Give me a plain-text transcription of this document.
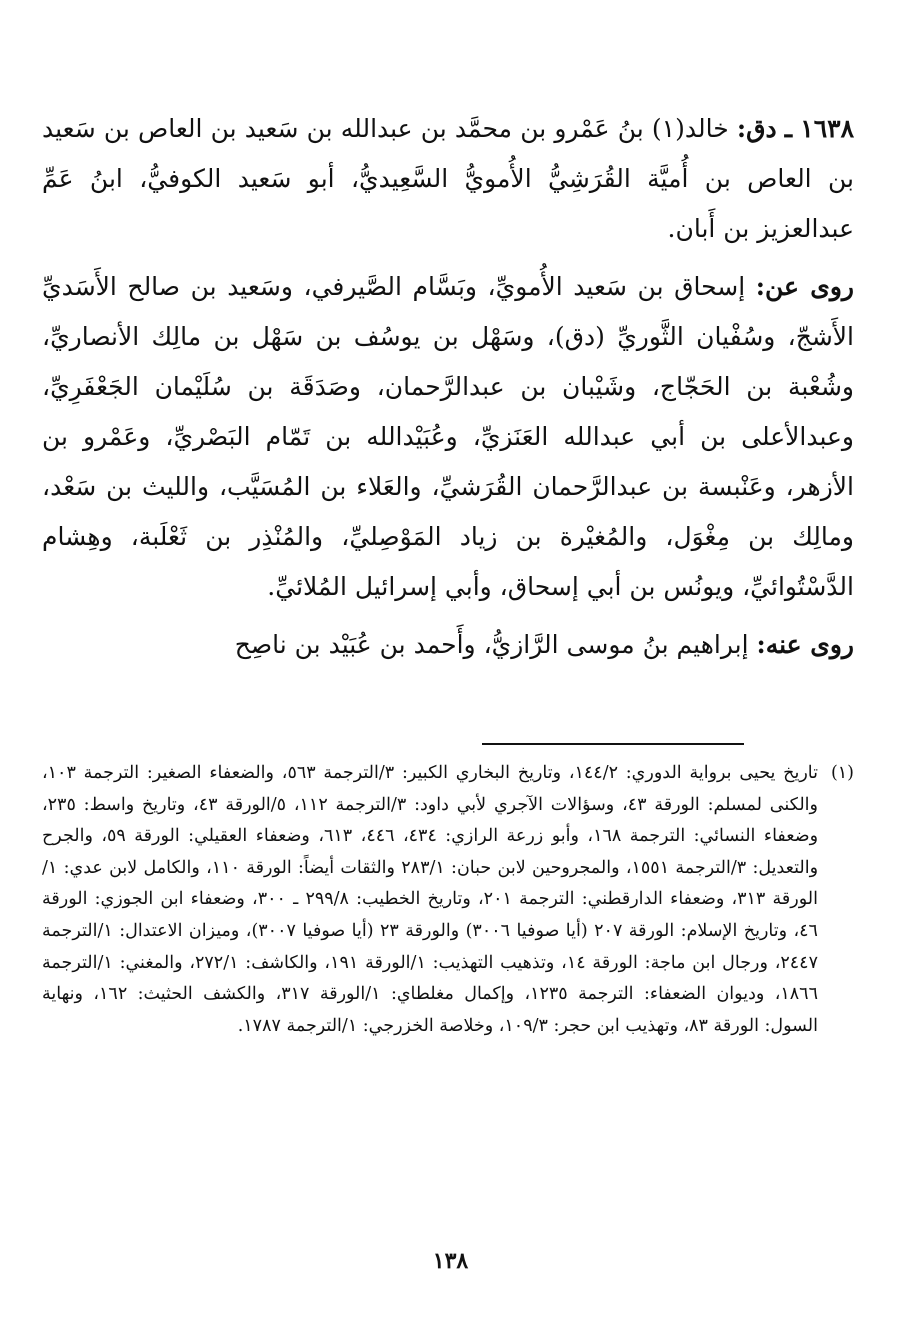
١٦٣٨ ـ دق: خالد(١) بنُ عَمْرو بن محمَّد بن عبدالله بن سَعيد بن العاص بن سَعيد بن العاص بن أُميَّة القُرَشِيُّ الأُمويُّ السَّعِيديُّ، أبو سَعيد الكوفيُّ، ابنُ عَمِّ عبدالعزيز بن أَبان.

روى عن: إسحاق بن سَعيد الأُمويِّ، وبَسَّام الصَّيرفي، وسَعيد بن صالح الأَسَديِّ الأَشجّ، وسُفْيان الثَّوريِّ (دق)، وسَهْل بن يوسُف بن سَهْل بن مالِك الأنصاريِّ، وشُعْبة بن الحَجّاج، وشَيْبان بن عبدالرَّحمان، وصَدَقَة بن سُلَيْمان الجَعْفَرِيِّ، وعبدالأعلى بن أبي عبدالله العَنَزيِّ، وعُبَيْدالله بن تَمّام البَصْريِّ، وعَمْرو بن الأزهر، وعَنْبسة بن عبدالرَّحمان القُرَشيِّ، والعَلاء بن المُسَيَّب، والليث بن سَعْد، ومالِك بن مِغْوَل، والمُغيْرة بن زياد المَوْصِليِّ، والمُنْذِر بن ثَعْلَبة، وهِشام الدَّسْتُوائيِّ، ويونُس بن أبي إسحاق، وأبي إسرائيل المُلائيِّ.

روى عنه: إبراهيم بنُ موسى الرَّازيُّ، وأَحمد بن عُبَيْد بن ناصِح

(١)

تاريخ يحيى برواية الدوري: ١٤٤/٢، وتاريخ البخاري الكبير: ٣/الترجمة ٥٦٣، والضعفاء الصغير: الترجمة ١٠٣، والكنى لمسلم: الورقة ٤٣، وسؤالات الآجري لأبي داود: ٣/الترجمة ١١٢، ٥/الورقة ٤٣، وتاريخ واسط: ٢٣٥، وضعفاء النسائي: الترجمة ١٦٨، وأبو زرعة الرازي: ٤٣٤، ٤٤٦، ٦١٣، وضعفاء العقيلي: الورقة ٥٩، والجرح والتعديل: ٣/الترجمة ١٥٥١، والمجروحين لابن حبان: ٢٨٣/١ والثقات أيضاً: الورقة ١١٠، والكامل لابن عدي: ١/الورقة ٣١٣، وضعفاء الدارقطني: الترجمة ٢٠١، وتاريخ الخطيب: ٢٩٩/٨ ـ ٣٠٠، وضعفاء ابن الجوزي: الورقة ٤٦، وتاريخ الإسلام: الورقة ٢٠٧ (أيا صوفيا ٣٠٠٦) والورقة ٢٣ (أيا صوفيا ٣٠٠٧)، وميزان الاعتدال: ١/الترجمة ٢٤٤٧، ورجال ابن ماجة: الورقة ١٤، وتذهيب التهذيب: ١/الورقة ١٩١، والكاشف: ٢٧٢/١، والمغني: ١/الترجمة ١٨٦٦، وديوان الضعفاء: الترجمة ١٢٣٥، وإكمال مغلطاي: ١/الورقة ٣١٧، والكشف الحثيث: ١٦٢، ونهاية السول: الورقة ٨٣، وتهذيب ابن حجر: ١٠٩/٣، وخلاصة الخزرجي: ١/الترجمة ١٧٨٧.

١٣٨
